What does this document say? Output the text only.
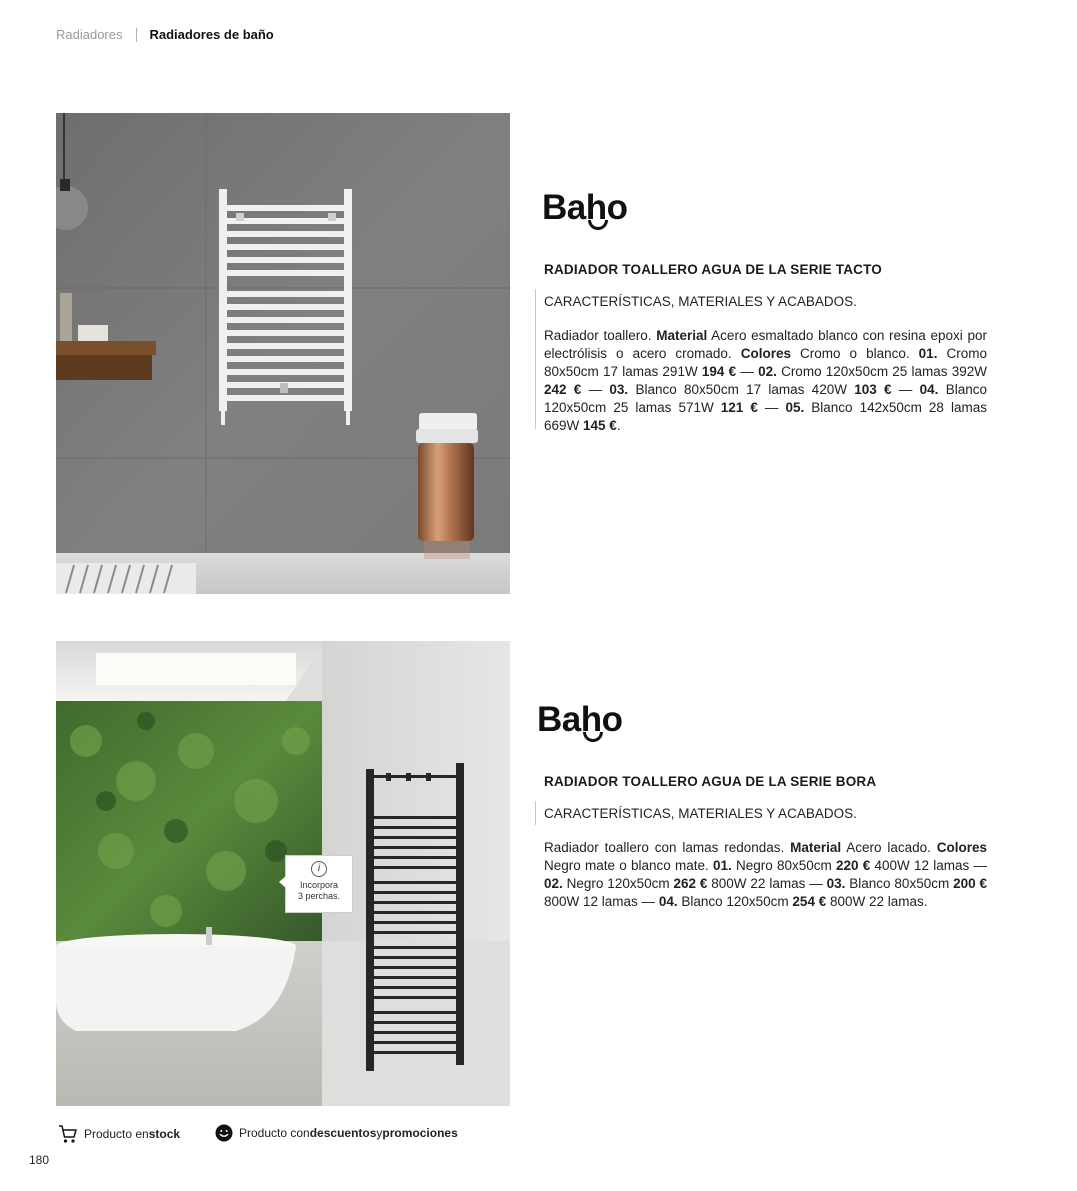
Radiadores Radiadores de baño
Bah
o
RADIADOR TOALLERO AGUA DE LA SERIE TACTO

CARACTERÍSTICAS, MATERIALES Y ACABADOS.

Radiador toallero. Material Acero esmaltado blanco con resina epoxi por electrólisis o acero cromado. Colores Cromo o blanco. 01. Cromo 80x50cm 17 lamas 291W 194 € — 02. Cromo 120x50cm 25 lamas 392W 242 € — 03. Blanco 80x50cm 17 lamas 420W 103 € — 04. Blanco 120x50cm 25 lamas 571W 121 € — 05. Blanco 142x50cm 28 lamas 669W 145 €.

i
Incorpora
3 perchas.
Bah
o
RADIADOR TOALLERO AGUA DE LA SERIE BORA

CARACTERÍSTICAS, MATERIALES Y ACABADOS.

Radiador toallero con lamas redondas. Material Acero lacado. Colores Negro mate o blanco mate. 01. Negro 80x50cm 220 € 400W 12 lamas — 02. Negro 120x50cm 262 € 800W 22 lamas — 03. Blanco 80x50cm 200 € 800W 12 lamas — 04. Blanco 120x50cm 254 € 800W 22 lamas.

Producto en stock	Producto con descuentos y promociones
180
